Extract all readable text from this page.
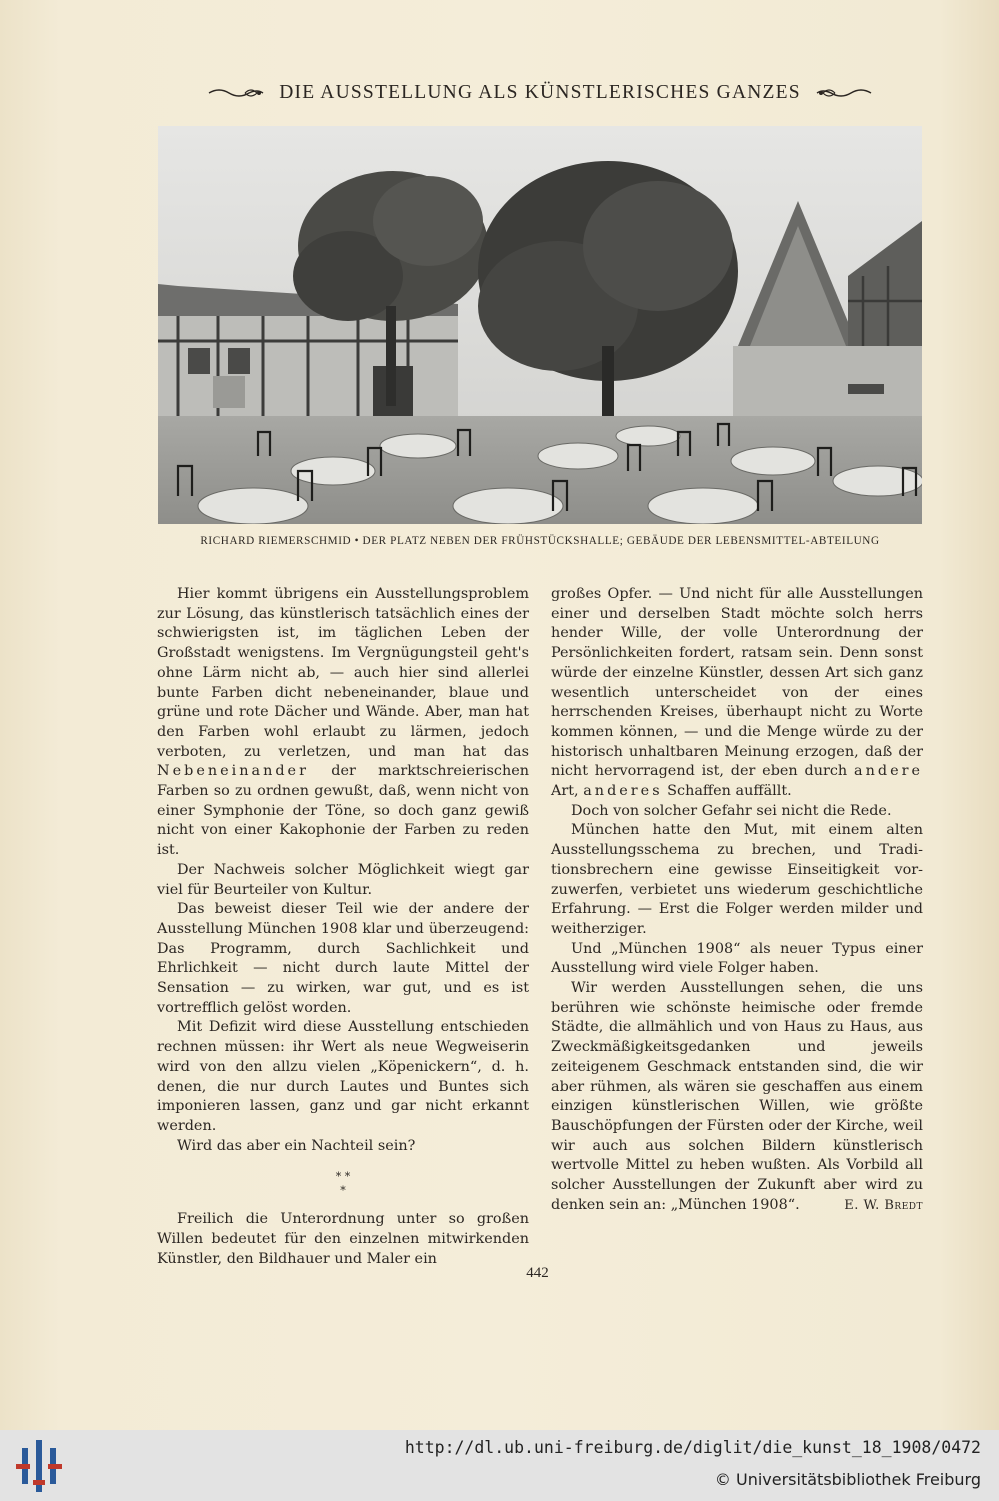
DIE AUSSTELLUNG ALS KÜNSTLERISCHES GANZES
RICHARD RIEMERSCHMID • DER PLATZ NEBEN DER FRÜHSTÜCKSHALLE; GEBÄUDE DER LEBENSMITTEL-ABTEILUNG

Hier kommt übrigens ein Ausstellungsproblem zur Lösung, das künstlerisch tatsächlich eines der schwierigsten ist, im täglichen Leben der Großstadt wenigstens. Im Vergnügungsteil geht's ohne Lärm nicht ab, — auch hier sind allerlei bunte Farben dicht nebeneinander, blaue und grüne und rote Dächer und Wände. Aber, man hat den Farben wohl erlaubt zu lärmen, jedoch verboten, zu verletzen, und man hat das Nebeneinander der marktschreierischen Farben so zu ordnen gewußt, daß, wenn nicht von einer Symphonie der Töne, so doch ganz gewiß nicht von einer Kakophonie der Farben zu reden ist.

Der Nachweis solcher Möglichkeit wiegt gar viel für Beurteiler von Kultur.

Das beweist dieser Teil wie der andere der Ausstellung München 1908 klar und überzeugend: Das Programm, durch Sachlichkeit und Ehrlichkeit — nicht durch laute Mittel der Sensation — zu wirken, war gut, und es ist vortrefflich gelöst worden.

Mit Defizit wird diese Ausstellung entschieden rechnen müssen: ihr Wert als neue Wegweiserin wird von den allzu vielen „Köpenickern“, d. h. denen, die nur durch Lautes und Buntes sich imponieren lassen, ganz und gar nicht erkannt werden.

Wird das aber ein Nachteil sein?

* *
*

Freilich die Unterordnung unter so großen Willen bedeutet für den einzelnen mitwirkenden Künstler, den Bildhauer und Maler ein

großes Opfer. — Und nicht für alle Ausstellungen einer und derselben Stadt möchte solch herrs hender Wille, der volle Unterordnung der Persönlichkeiten fordert, ratsam sein. Denn sonst würde der einzelne Künstler, dessen Art sich ganz wesentlich unterscheidet von der eines herrschenden Kreises, überhaupt nicht zu Worte kommen können, — und die Menge würde zu der historisch unhaltbaren Meinung erzogen, daß der nicht hervorragend ist, der eben durch andere Art, anderes Schaffen auffällt.

Doch von solcher Gefahr sei nicht die Rede.

München hatte den Mut, mit einem alten Ausstellungsschema zu brechen, und Traditionsbrechern eine gewisse Einseitigkeit vorzuwerfen, verbietet uns wiederum geschichtliche Erfahrung. — Erst die Folger werden milder und weitherziger.

Und „München 1908“ als neuer Typus einer Ausstellung wird viele Folger haben.

Wir werden Ausstellungen sehen, die uns berühren wie schönste heimische oder fremde Städte, die allmählich und von Haus zu Haus, aus Zweckmäßigkeitsgedanken und jeweils zeiteigenem Geschmack entstanden sind, die wir aber rühmen, als wären sie geschaffen aus einem einzigen künstlerischen Willen, wie größte Bauschöpfungen der Fürsten oder der Kirche, weil wir auch aus solchen Bildern künstlerisch wertvolle Mittel zu heben wußten. Als Vorbild all solcher Ausstellungen der Zukunft aber wird zu denken sein an: „München 1908“.	E. W. Bredt

442
http://dl.ub.uni-freiburg.de/diglit/die_kunst_18_1908/0472
© Universitätsbibliothek Freiburg
